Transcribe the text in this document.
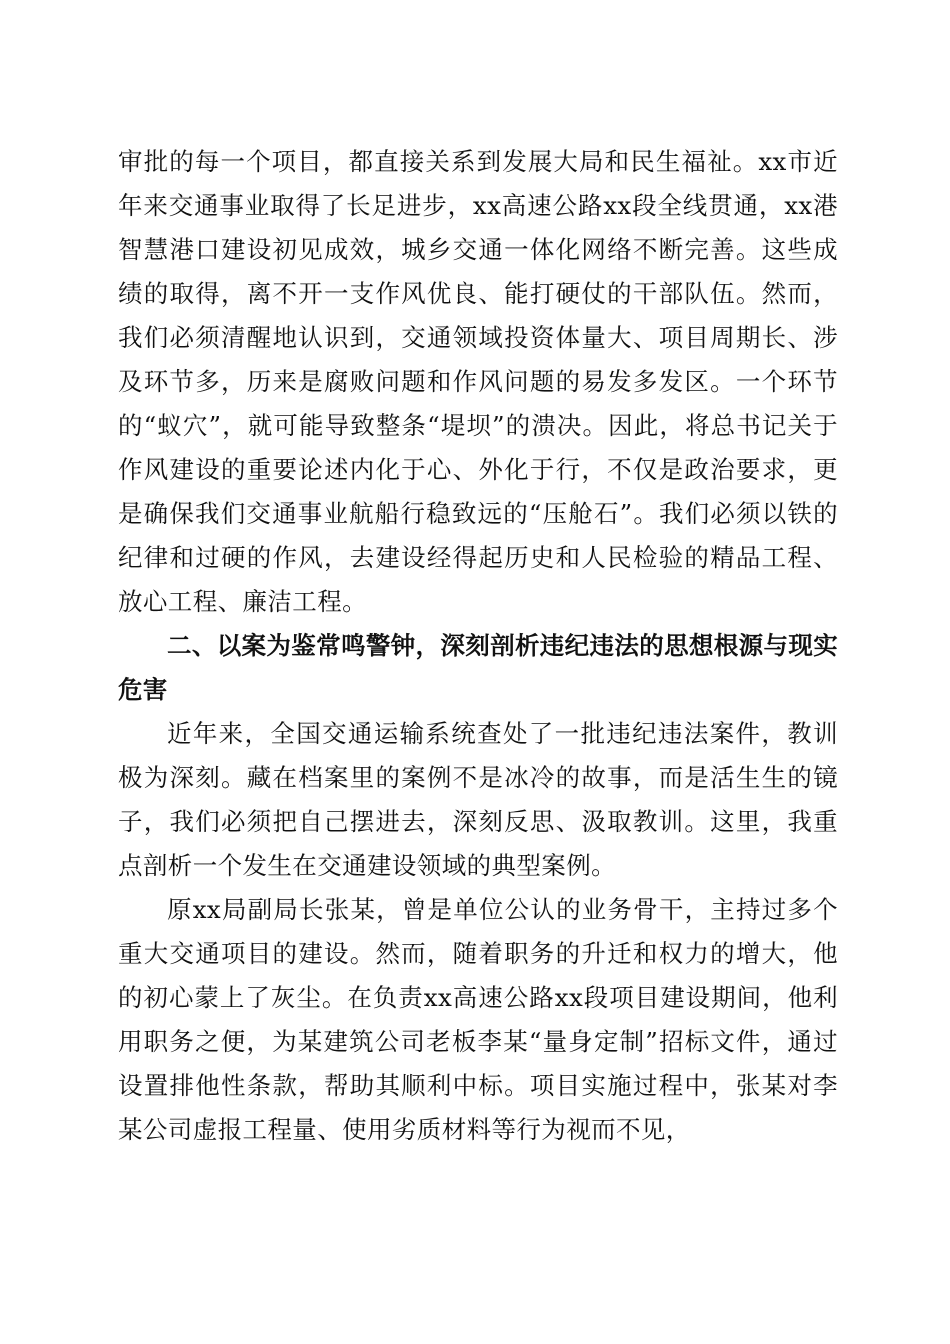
审批的每一个项目，都直接关系到发展大局和民生福祉。xx市近年来交通事业取得了长足进步，xx高速公路xx段全线贯通，xx港智慧港口建设初见成效，城乡交通一体化网络不断完善。这些成绩的取得，离不开一支作风优良、能打硬仗的干部队伍。然而，我们必须清醒地认识到，交通领域投资体量大、项目周期长、涉及环节多，历来是腐败问题和作风问题的易发多发区。一个环节的“蚁穴”，就可能导致整条“堤坝”的溃决。因此，将总书记关于作风建设的重要论述内化于心、外化于行，不仅是政治要求，更是确保我们交通事业航船行稳致远的“压舱石”。我们必须以铁的纪律和过硬的作风，去建设经得起历史和人民检验的精品工程、放心工程、廉洁工程。

二、以案为鉴常鸣警钟，深刻剖析违纪违法的思想根源与现实危害

近年来，全国交通运输系统查处了一批违纪违法案件，教训极为深刻。藏在档案里的案例不是冰冷的故事，而是活生生的镜子，我们必须把自己摆进去，深刻反思、汲取教训。这里，我重点剖析一个发生在交通建设领域的典型案例。

原xx局副局长张某，曾是单位公认的业务骨干，主持过多个重大交通项目的建设。然而，随着职务的升迁和权力的增大，他的初心蒙上了灰尘。在负责xx高速公路xx段项目建设期间，他利用职务之便，为某建筑公司老板李某“量身定制”招标文件，通过设置排他性条款，帮助其顺利中标。项目实施过程中，张某对李某公司虚报工程量、使用劣质材料等行为视而不见，
